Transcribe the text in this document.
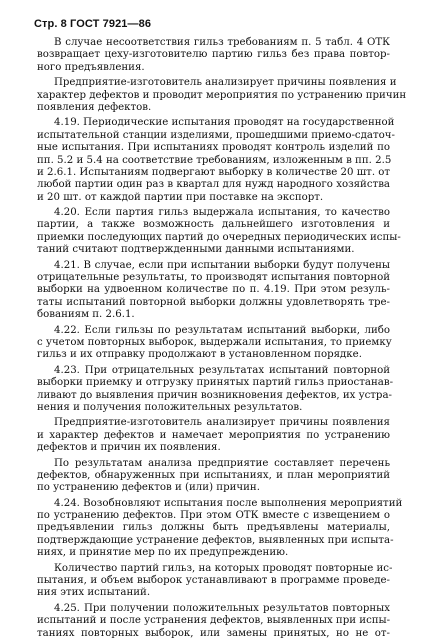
Стр. 8 ГОСТ 7921—86
В случае несоответствия гильз требованиям п. 5 табл. 4 ОТК
возвращает цеху-изготовителю партию гильз без права повтор-
ного предъявления.
Предприятие-изготовитель анализирует причины появления и
характер дефектов и проводит мероприятия по устранению причин
появления дефектов.
4.19. Периодические испытания проводят на государственной
испытательной станции изделиями, прошедшими приемо-сдаточ-
ные испытания. При испытаниях проводят контроль изделий по
пп. 5.2 и 5.4 на соответствие требованиям, изложенным в пп. 2.5
и 2.6.1. Испытаниям подвергают выборку в количестве 20 шт. от
любой партии один раз в квартал для нужд народного хозяйства
и 20 шт. от каждой партии при поставке на экспорт.
4.20. Если партия гильз выдержала испытания, то качество
партии, а также возможность дальнейшего изготовления и
приемки последующих партий до очередных периодических испы-
таний считают подтвержденными данными испытаниями.
4.21. В случае, если при испытании выборки будут получены
отрицательные результаты, то производят испытания повторной
выборки на удвоенном количестве по п. 4.19. При этом резуль-
таты испытаний повторной выборки должны удовлетворять тре-
бованиям п. 2.6.1.
4.22. Если гильзы по результатам испытаний выборки, либо
с учетом повторных выборок, выдержали испытания, то приемку
гильз и их отправку продолжают в установленном порядке.
4.23. При отрицательных результатах испытаний повторной
выборки приемку и отгрузку принятых партий гильз приостанав-
ливают до выявления причин возникновения дефектов, их устра-
нения и получения положительных результатов.
Предприятие-изготовитель анализирует причины появления
и характер дефектов и намечает мероприятия по устранению
дефектов и причин их появления.
По результатам анализа предприятие составляет перечень
дефектов, обнаруженных при испытаниях, и план мероприятий
по устранению дефектов и (или) причин.
4.24. Возобновляют испытания после выполнения мероприятий
по устранению дефектов. При этом ОТК вместе с извещением о
предъявлении гильз должны быть предъявлены материалы,
подтверждающие устранение дефектов, выявленных при испыта-
ниях, и принятие мер по их предупреждению.
Количество партий гильз, на которых проводят повторные ис-
пытания, и объем выборок устанавливают в программе проведе-
ния этих испытаний.
4.25. При получении положительных результатов повторных
испытаний и после устранения дефектов, выявленных при испы-
таниях повторных выборок, или замены принятых, но не от-
